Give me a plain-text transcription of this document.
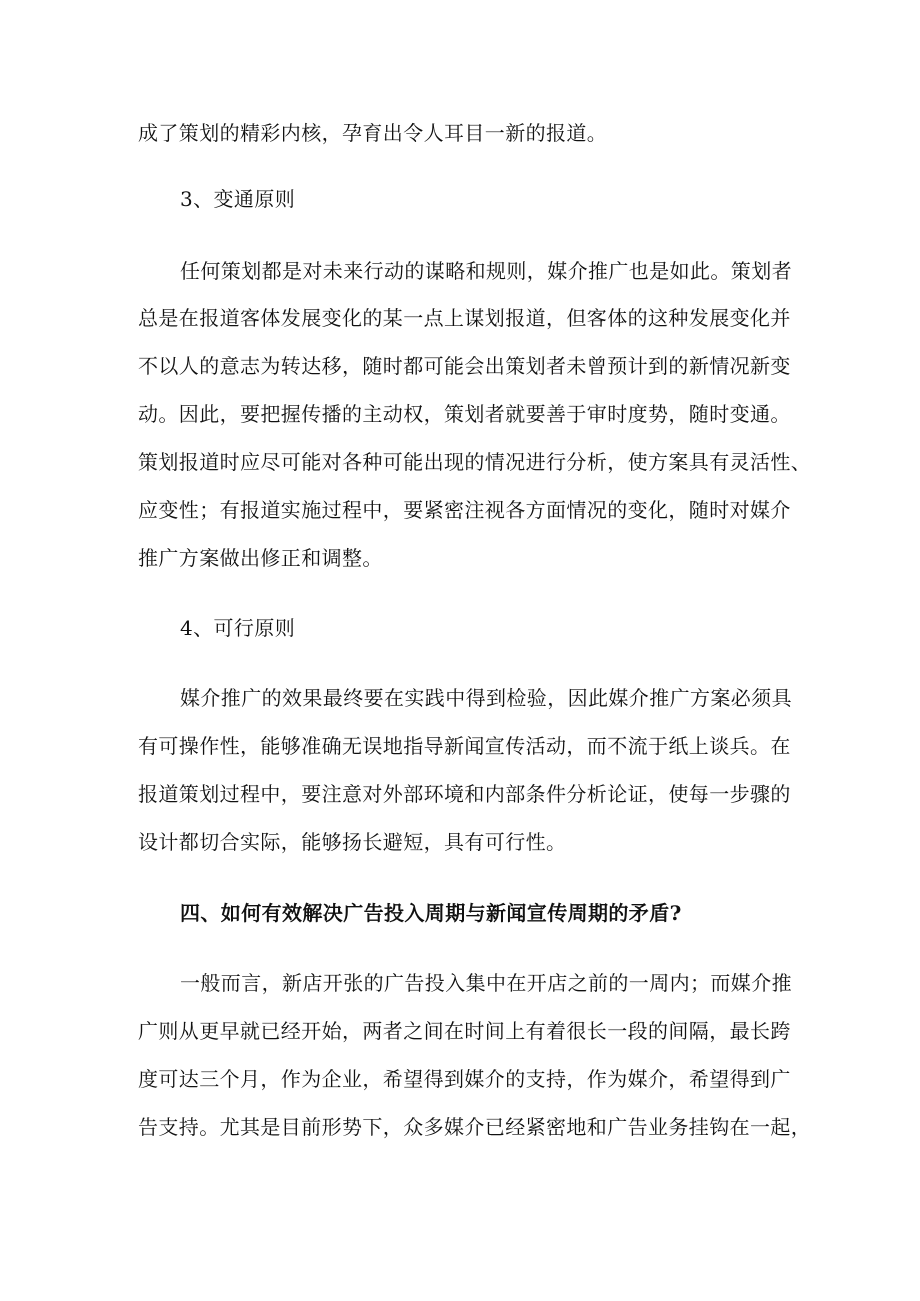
成了策划的精彩内核，孕育出令人耳目一新的报道。
3、变通原则
任何策划都是对未来行动的谋略和规则，媒介推广也是如此。策划者
总是在报道客体发展变化的某一点上谋划报道，但客体的这种发展变化并
不以人的意志为转达移，随时都可能会出策划者未曾预计到的新情况新变
动。因此，要把握传播的主动权，策划者就要善于审时度势，随时变通。
策划报道时应尽可能对各种可能出现的情况进行分析，使方案具有灵活性、
应变性；有报道实施过程中，要紧密注视各方面情况的变化，随时对媒介
推广方案做出修正和调整。
4、可行原则
媒介推广的效果最终要在实践中得到检验，因此媒介推广方案必须具
有可操作性，能够准确无误地指导新闻宣传活动，而不流于纸上谈兵。在
报道策划过程中，要注意对外部环境和内部条件分析论证，使每一步骤的
设计都切合实际，能够扬长避短，具有可行性。
四、如何有效解决广告投入周期与新闻宣传周期的矛盾?
一般而言，新店开张的广告投入集中在开店之前的一周内；而媒介推
广则从更早就已经开始，两者之间在时间上有着很长一段的间隔，最长跨
度可达三个月，作为企业，希望得到媒介的支持，作为媒介，希望得到广
告支持。尤其是目前形势下，众多媒介已经紧密地和广告业务挂钩在一起，
